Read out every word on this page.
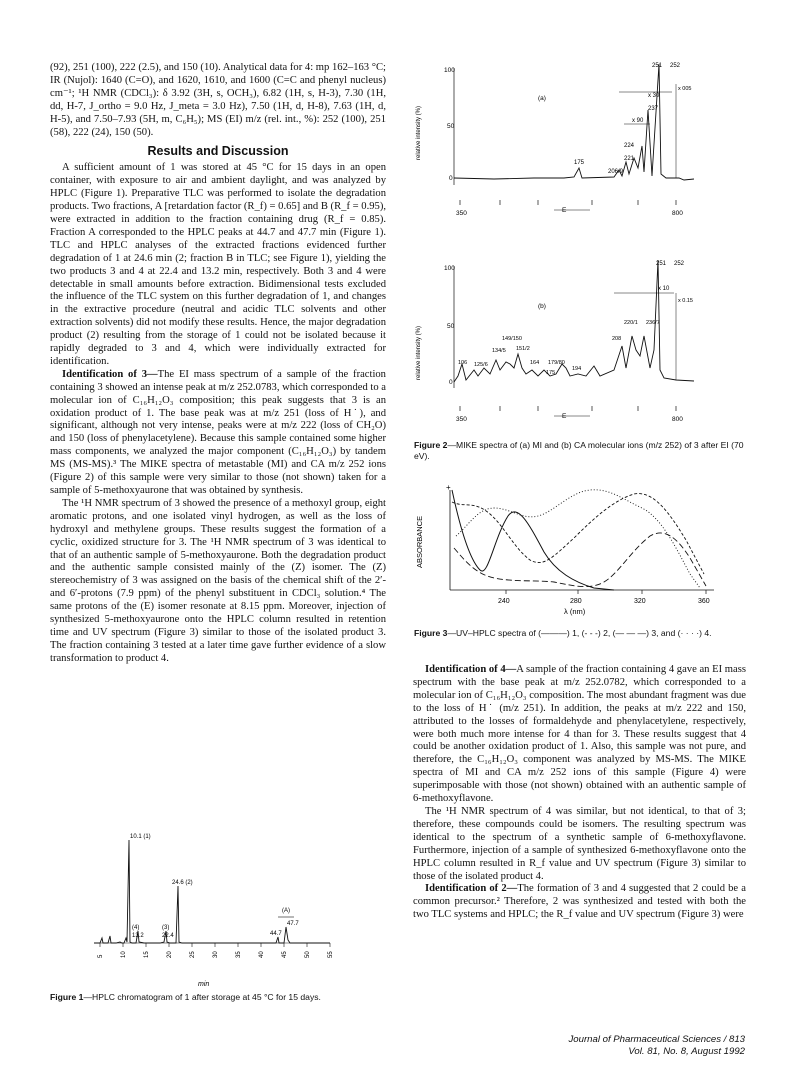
(92), 251 (100), 222 (2.5), and 150 (10). Analytical data for 4: mp 162–163 °C; IR (Nujol): 1640 (C=O), and 1620, 1610, and 1600 (C=C and phenyl nucleus) cm⁻¹; ¹H NMR (CDCl₃): δ 3.92 (3H, s, OCH₃), 6.82 (1H, s, H-3), 7.30 (1H, dd, H-7, J_ortho = 9.0 Hz, J_meta = 3.0 Hz), 7.50 (1H, d, H-8), 7.63 (1H, d, H-5), and 7.50–7.93 (5H, m, C₆H₅); MS (EI) m/z (rel. int., %): 252 (100), 251 (58), 222 (24), 150 (50).

Results and Discussion

A sufficient amount of 1 was stored at 45 °C for 15 days in an open container, with exposure to air and ambient daylight, and was analyzed by HPLC (Figure 1). Preparative TLC was performed to isolate the degradation products. Two fractions, A [retardation factor (R_f) = 0.65] and B (R_f = 0.95), were extracted in addition to the fraction containing drug (R_f = 0.85). Fraction A corresponded to the HPLC peaks at 44.7 and 47.7 min (Figure 1). TLC and HPLC analyses of the extracted fractions evidenced further degradation of 1 at 24.6 min (2; fraction B in TLC; see Figure 1), yielding the two products 3 and 4 at 22.4 and 13.2 min, respectively. Both 3 and 4 were detectable in small amounts before extraction. Bidimensional tests excluded the influence of the TLC system on this further degradation of 1, and changes in the extractive procedure (neutral and acidic TLC solvents and other extraction solvents) did not modify these results. Hence, the major degradation product (2) resulting from the storage of 1 could not be isolated because it rapidly degraded to 3 and 4, which were individually extracted for identification.

Identification of 3—The EI mass spectrum of a sample of the fraction containing 3 showed an intense peak at m/z 252.0783, which corresponded to a molecular ion of C₁₆H₁₂O₃ composition; this peak suggests that 3 is an oxidation product of 1. The base peak was at m/z 251 (loss of H˙), and significant, although not very intense, peaks were at m/z 222 (loss of CH₂O) and 150 (loss of phenylacetylene). Because this sample contained some higher mass components, we analyzed the major component (C₁₆H₁₂O₃) by tandem MS (MS-MS).³ The MIKE spectra of metastable (MI) and CA m/z 252 ions (Figure 2) of this sample were very similar to those (not shown) taken for a sample of 5-methoxyaurone that was obtained by synthesis.

The ¹H NMR spectrum of 3 showed the presence of a methoxyl group, eight aromatic protons, and one isolated vinyl hydrogen, as well as the loss of hydroxyl and methylene groups. These results suggest the formation of a cyclic, oxidized structure for 3. The ¹H NMR spectrum of 3 was identical to that of an authentic sample of 5-methoxyaurone. Both the degradation product and the authentic sample consisted mainly of the (Z) isomer. The (Z) stereochemistry of 3 was assigned on the basis of the chemical shift of the 2′- and 6′-protons (7.9 ppm) of the phenyl substituent in CDCl₃ solution.⁴ The same protons of the (E) isomer resonate at 8.15 ppm. Moreover, injection of synthesized 5-methoxyaurone onto the HPLC column resulted in retention time and UV spectrum (Figure 3) similar to those of the isolated product 3. The fraction containing 3 tested at a later time gave further evidence of a slow transformation to product 4.

10.1 (1)
24.6 (2)
(3)
22.4
(4)
13.2
(A)
44.7
47.7
5	10	15	20	25	30	35	40	45	50	55
min
Figure 1—HPLC chromatogram of 1 after storage at 45 °C for 15 days.
relative intensity (%)
100
50
0
(a)
175
206/9
221
224
237
251 252
x 30
x 005
x 90
350	800
E
relative intensity (%)
100
50
0
(b)
106 125/6
134/5
149/150
151/2
164 179/80
175
194
208
220/1 236/7
251 252
x 10
x 0.15
350	800
E
Figure 2—MIKE spectra of (a) MI and (b) CA molecular ions (m/z 252) of 3 after EI (70 eV).
ABSORBANCE
+
240	280	320	360
λ (nm)
Figure 3—UV–HPLC spectra of (———) 1, (- - -) 2, (— — —) 3, and (· · · ·) 4.

Identification of 4—A sample of the fraction containing 4 gave an EI mass spectrum with the base peak at m/z 252.0782, which corresponded to a molecular ion of C₁₆H₁₂O₃ composition. The most abundant fragment was due to the loss of H˙ (m/z 251). In addition, the peaks at m/z 222 and 150, attributed to the losses of formaldehyde and phenylacetylene, respectively, were both much more intense for 4 than for 3. These results suggest that 4 could be another oxidation product of 1. Also, this sample was not pure, and therefore, the C₁₆H₁₂O₃ component was analyzed by MS-MS. The MIKE spectra of MI and CA m/z 252 ions of this sample (Figure 4) were superimposable with those (not shown) obtained with an authentic sample of 6-methoxyflavone.

The ¹H NMR spectrum of 4 was similar, but not identical, to that of 3; therefore, these compounds could be isomers. The resulting spectrum was identical to the spectrum of a synthetic sample of 6-methoxyflavone. Furthermore, injection of a sample of synthesized 6-methoxyflavone onto the HPLC column resulted in R_f value and UV spectrum (Figure 3) similar to those of the isolated product 4.

Identification of 2—The formation of 3 and 4 suggested that 2 could be a common precursor.² Therefore, 2 was synthesized and tested with both the two TLC systems and HPLC; the R_f value and UV spectrum (Figure 3) were

Journal of Pharmaceutical Sciences / 813
Vol. 81, No. 8, August 1992
